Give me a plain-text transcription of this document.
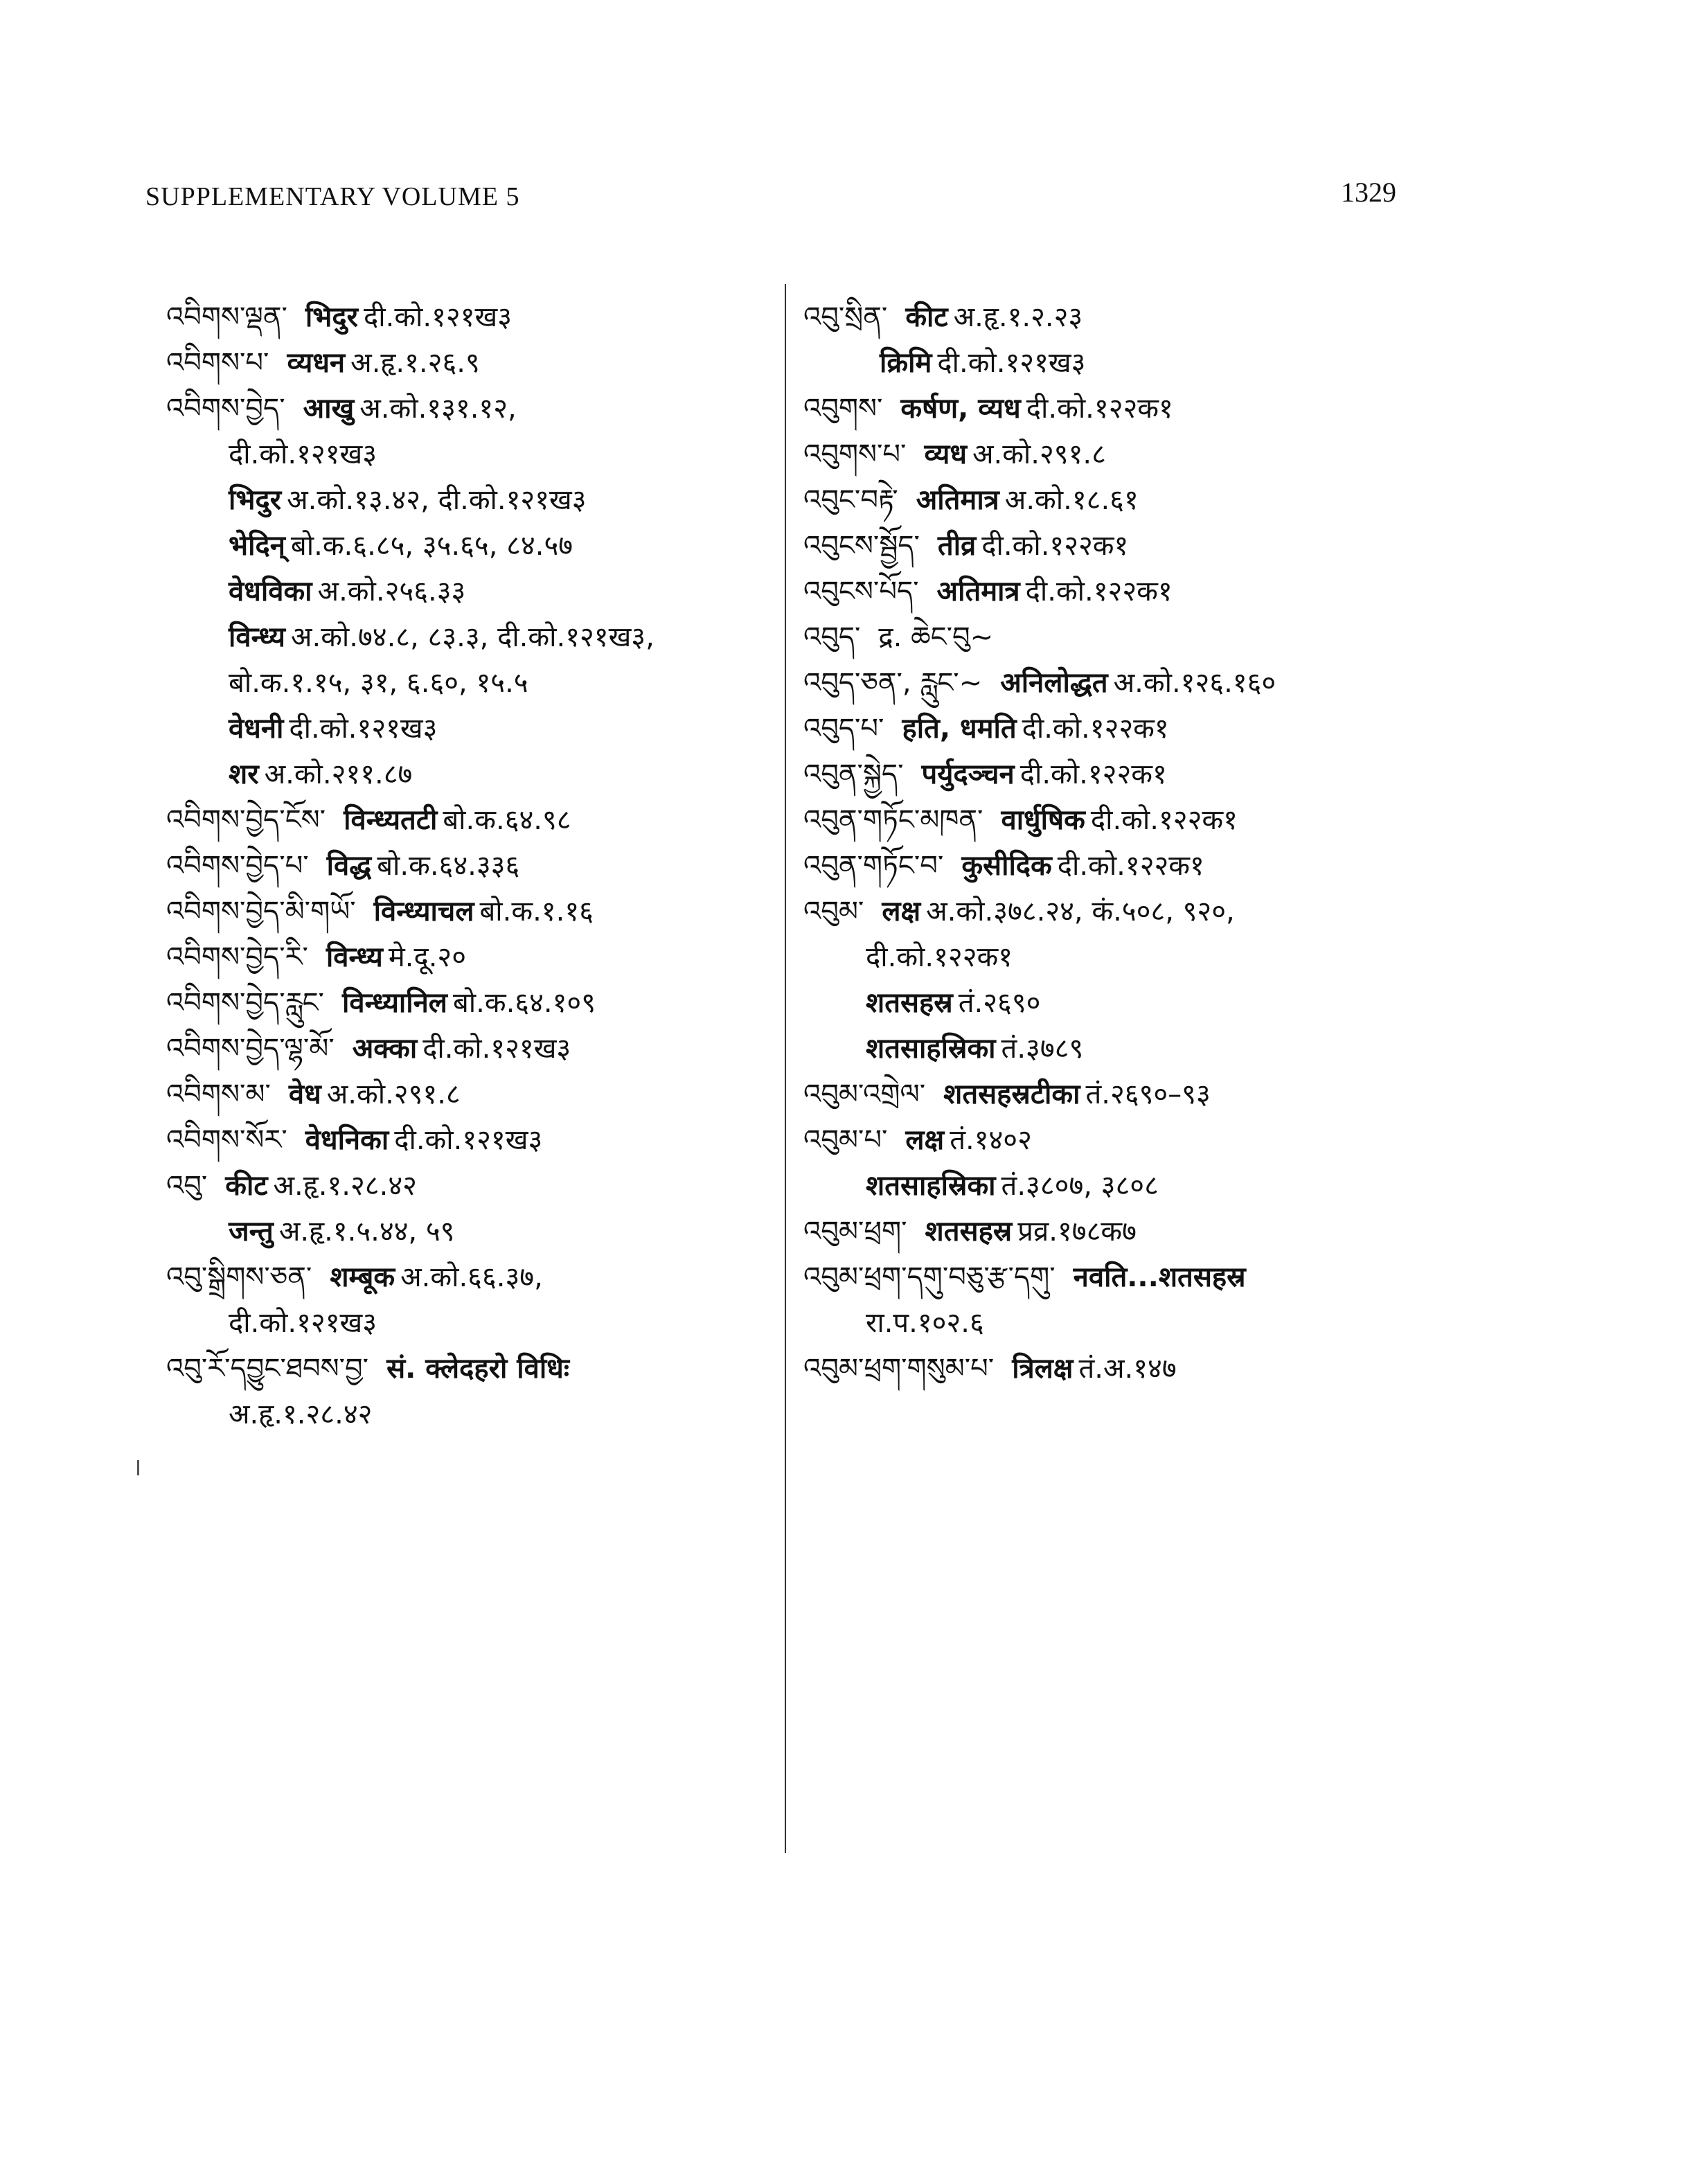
SUPPLEMENTARY VOLUME 5	1329
འབིགས་ལྡན་ भिदुर दी.को.१२१ख३
འབིགས་པ་ व्यधन अ.हृ.१.२६.९
འབིགས་བྱེད་ आखु अ.को.१३१.१२,
दी.को.१२१ख३
भिदुर अ.को.१३.४२, दी.को.१२१ख३
भेदिन् बो.क.६.८५, ३५.६५, ८४.५७
वेधविका अ.को.२५६.३३
विन्ध्य अ.को.७४.८, ८३.३, दी.को.१२१ख३,
बो.क.१.१५, ३१, ६.६०, १५.५
वेधनी दी.को.१२१ख३
शर अ.को.२११.८७
འབིགས་བྱེད་ངོས་ विन्ध्यतटी बो.क.६४.९८
འབིགས་བྱེད་པ་ विद्ध बो.क.६४.३३६
འབིགས་བྱེད་མི་གཡོ་ विन्ध्याचल बो.क.१.१६
འབིགས་བྱེད་རི་ विन्ध्य मे.दू.२०
འབིགས་བྱེད་རླུང་ विन्ध्यानिल बो.क.६४.१०९
འབིགས་བྱེད་ལྷ་མོ་ अक्का दी.को.१२१ख३
འབིགས་མ་ वेध अ.को.२९१.८
འབིགས་སོར་ वेधनिका दी.को.१२१ख३
འབུ་ कीट अ.हृ.१.२८.४२
जन्तु अ.हृ.१.५.४४, ५९
འབུ་སྒྲིགས་ཅན་ शम्बूक अ.को.६६.३७,
दी.को.१२१ख३
འབུ་རོ་དབྱུང་ཐབས་བྱ་ सं. क्लेदहरो विधिः
अ.हृ.१.२८.४२
འབུ་སྲིན་ कीट अ.हृ.१.२.२३
क्रिमि दी.को.१२१ख३
འབུགས་ कर्षण, व्यध दी.को.१२२क१
འབུགས་པ་ व्यध अ.को.२९१.८
འབུང་བརྟེ་ अतिमात्र अ.को.१८.६१
འབུངས་སྦྱོད་ तीव्र दी.को.१२२क१
འབུངས་པོད་ अतिमात्र दी.को.१२२क१
འབུད་ द्र. ཆེང་བུ~
འབུད་ཅན་, རླུང་~ अनिलोद्धत अ.को.१२६.१६०
འབུད་པ་ हति, धमति दी.को.१२२क१
འབུན་སྐྱེད་ पर्युदञ्चन दी.को.१२२क१
འབུན་གཏོང་མཁན་ वार्धुषिक दी.को.१२२क१
འབུན་གཏོང་བ་ कुसीदिक दी.को.१२२क१
འབུམ་ लक्ष अ.को.३७८.२४, कं.५०८, ९२०,
दी.को.१२२क१
शतसहस्र तं.२६९०
शतसाहस्रिका तं.३७८९
འབུམ་འགྲེལ་ शतसहस्रटीका तं.२६९०–९३
འབུམ་པ་ लक्ष तं.१४०२
शतसाहस्रिका तं.३८०७, ३८०८
འབུམ་ཕྲག་ शतसहस्र प्रव्र.१७८क७
འབུམ་ཕྲག་དགུ་བཅུ་རྩ་དགུ་ नवति...शतसहस्र
रा.प.१०२.६
འབུམ་ཕྲག་གསུམ་པ་ त्रिलक्ष तं.अ.१४७
